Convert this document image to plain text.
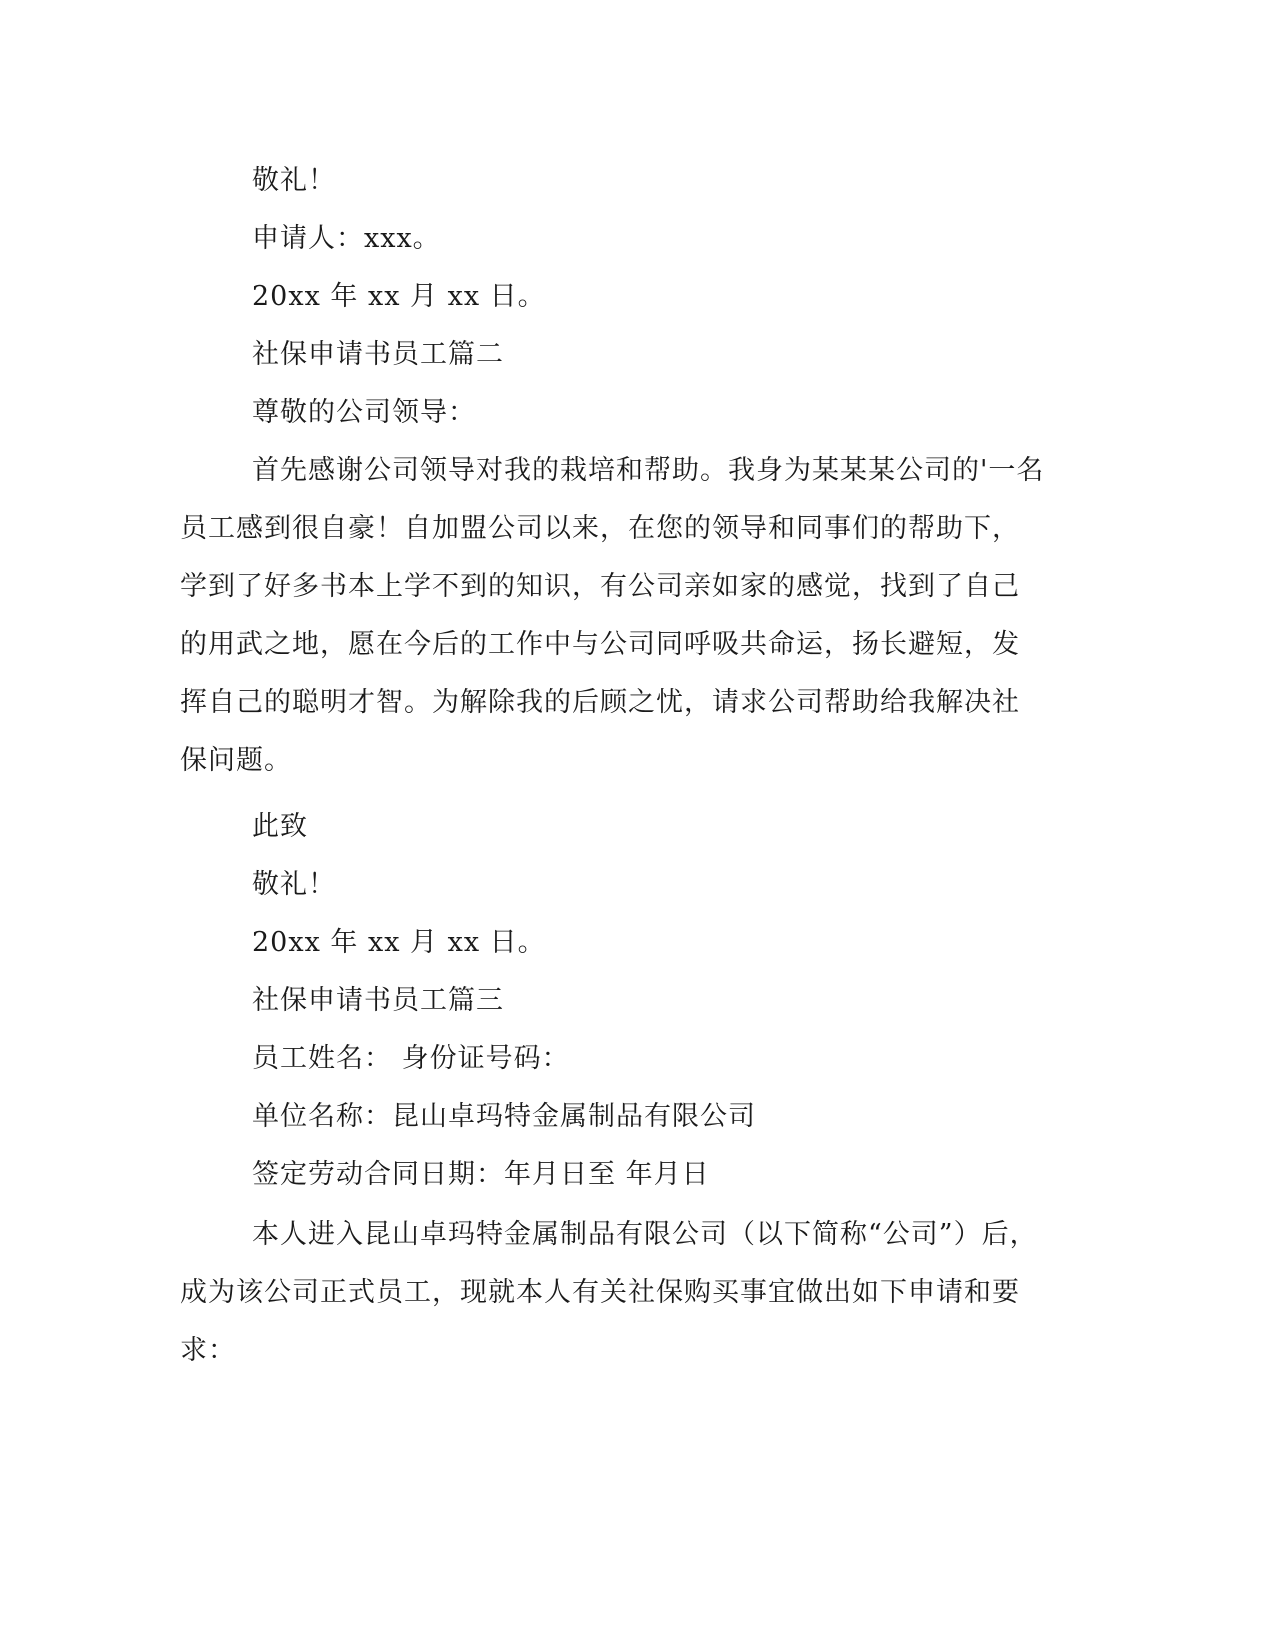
敬礼！
申请人：xxx。
20xx 年 xx 月 xx 日。
社保申请书员工篇二
尊敬的公司领导：
首先感谢公司领导对我的栽培和帮助。我身为某某某公司的'一名
员工感到很自豪！自加盟公司以来，在您的领导和同事们的帮助下，
学到了好多书本上学不到的知识，有公司亲如家的感觉，找到了自己
的用武之地，愿在今后的工作中与公司同呼吸共命运，扬长避短，发
挥自己的聪明才智。为解除我的后顾之忧，请求公司帮助给我解决社
保问题。
此致
敬礼！
20xx 年 xx 月 xx 日。
社保申请书员工篇三
员工姓名： 身份证号码：
单位名称：昆山卓玛特金属制品有限公司
签定劳动合同日期：年月日至 年月日
本人进入昆山卓玛特金属制品有限公司（以下简称“公司”）后，
成为该公司正式员工，现就本人有关社保购买事宜做出如下申请和要
求：
